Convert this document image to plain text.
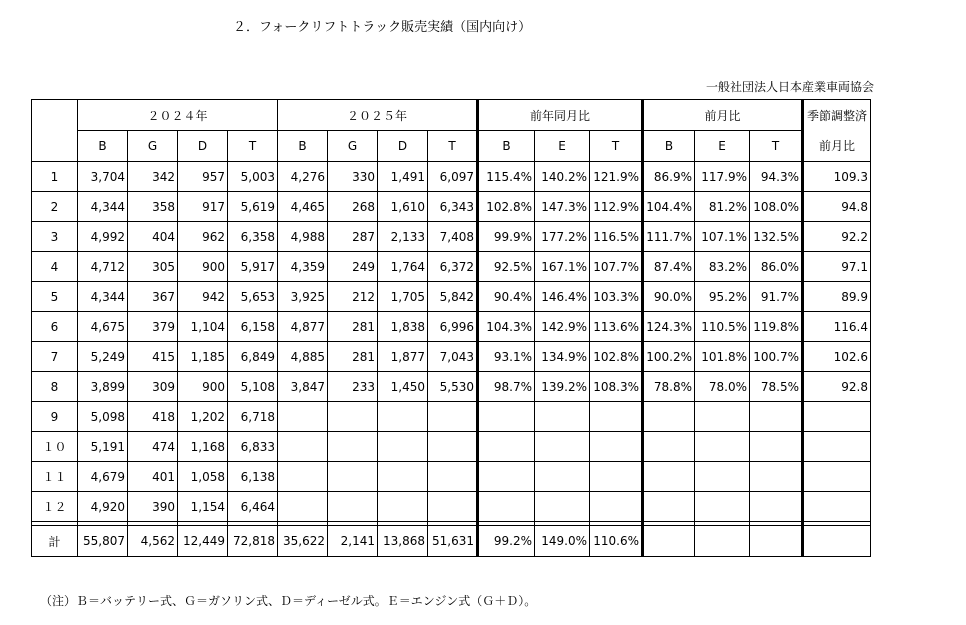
２．フォークリフトトラック販売実績（国内向け）
一般社団法人日本産業車両協会
	２０２４年				２０２５年				前年同月比			前月比			季節調整済
	B	G	D	T	B	G	D	T	B	E	T	B	E	T	前月比
1	3,704	342	957	5,003	4,276	330	1,491	6,097	115.4%	140.2%	121.9%	86.9%	117.9%	94.3%	109.3
2	4,344	358	917	5,619	4,465	268	1,610	6,343	102.8%	147.3%	112.9%	104.4%	81.2%	108.0%	94.8
3	4,992	404	962	6,358	4,988	287	2,133	7,408	99.9%	177.2%	116.5%	111.7%	107.1%	132.5%	92.2
4	4,712	305	900	5,917	4,359	249	1,764	6,372	92.5%	167.1%	107.7%	87.4%	83.2%	86.0%	97.1
5	4,344	367	942	5,653	3,925	212	1,705	5,842	90.4%	146.4%	103.3%	90.0%	95.2%	91.7%	89.9
6	4,675	379	1,104	6,158	4,877	281	1,838	6,996	104.3%	142.9%	113.6%	124.3%	110.5%	119.8%	116.4
7	5,249	415	1,185	6,849	4,885	281	1,877	7,043	93.1%	134.9%	102.8%	100.2%	101.8%	100.7%	102.6
8	3,899	309	900	5,108	3,847	233	1,450	5,530	98.7%	139.2%	108.3%	78.8%	78.0%	78.5%	92.8
9	5,098	418	1,202	6,718											
１０	5,191	474	1,168	6,833											
１１	4,679	401	1,058	6,138											
１２	4,920	390	1,154	6,464											

計	55,807	4,562	12,449	72,818	35,622	2,141	13,868	51,631	99.2%	149.0%	110.6%				
（注）Ｂ＝バッテリー式、Ｇ＝ガソリン式、Ｄ＝ディーゼル式。Ｅ＝エンジン式（Ｇ＋Ｄ）。
